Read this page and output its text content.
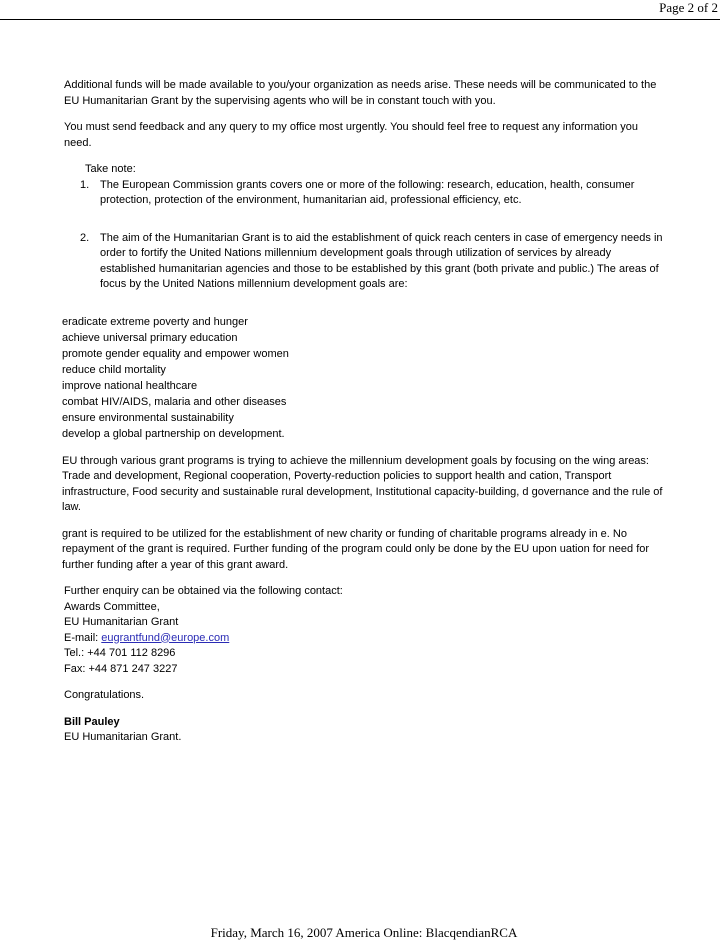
Page 2 of 2

Additional funds will be made available to you/your organization as needs arise. These needs will be communicated to the EU Humanitarian Grant by the supervising agents who will be in constant touch with you.

You must send feedback and any query to my office most urgently. You should feel free to request any information you need.

Take note:
1. The European Commission grants covers one or more of the following: research, education, health, consumer protection, protection of the environment, humanitarian aid, professional efficiency, etc.
2. The aim of the Humanitarian Grant is to aid the establishment of quick reach centers in case of emergency needs in order to fortify the United Nations millennium development goals through utilization of services by already established humanitarian agencies and those to be established by this grant (both private and public.) The areas of focus by the United Nations millennium development goals are:
eradicate extreme poverty and hunger
achieve universal primary education
promote gender equality and empower women
reduce child mortality
improve national healthcare
combat HIV/AIDS, malaria and other diseases
ensure environmental sustainability
develop a global partnership on development.

EU through various grant programs is trying to achieve the millennium development goals by focusing on the wing areas: Trade and development, Regional cooperation, Poverty-reduction policies to support health and cation, Transport infrastructure, Food security and sustainable rural development, Institutional capacity-building, d governance and the rule of law.

grant is required to be utilized for the establishment of new charity or funding of charitable programs already in e. No repayment of the grant is required. Further funding of the program could only be done by the EU upon uation for need for further funding after a year of this grant award.

Further enquiry can be obtained via the following contact:
Awards Committee,
EU Humanitarian Grant
E-mail: eugrantfund@europe.com
Tel.: +44 701 112 8296
Fax: +44 871 247 3227

Congratulations.

Bill Pauley
EU Humanitarian Grant.
Friday, March 16, 2007 America Online: BlacqendianRCA
